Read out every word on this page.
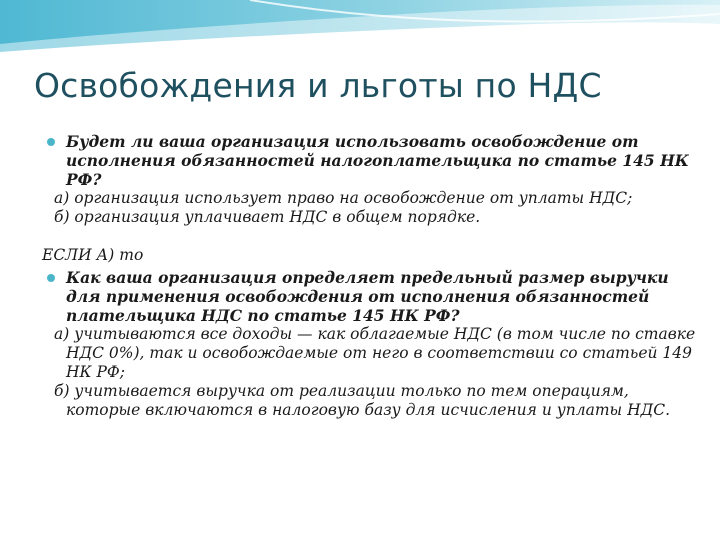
Освобождения и льготы по НДС
Будет ли ваша организация использовать освобождение от исполнения обязанностей налогоплательщика по статье 145 НК РФ?
а) организация использует право на освобождение от уплаты НДС;
б) организация уплачивает НДС в общем порядке.
ЕСЛИ А) то
Как ваша организация определяет предельный размер выручки для применения освобождения от исполнения обязанностей плательщика НДС по статье 145 НК РФ?
а) учитываются все доходы — как облагаемые НДС (в том числе по ставке НДС 0%), так и освобождаемые от него в соответствии со статьей 149 НК РФ;
б) учитывается выручка от реализации только по тем операциям, которые включаются в налоговую базу для исчисления и уплаты НДС.
